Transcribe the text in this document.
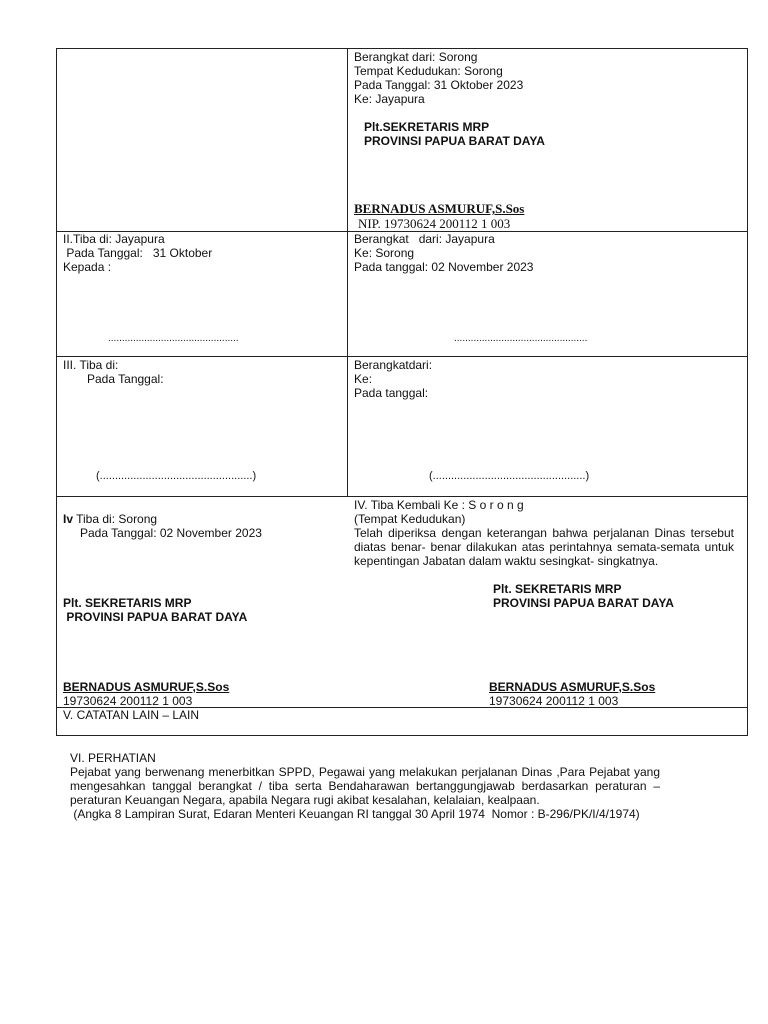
Berangkat dari: Sorong
Tempat Kedudukan: Sorong
Pada Tanggal: 31 Oktober 2023
Ke: Jayapura
Plt.SEKRETARIS MRP
PROVINSI PAPUA BARAT DAYA
BERNADUS ASMURUF,S.Sos
NIP. 19730624 200112 1 003
II.Tiba di: Jayapura
Pada Tanggal:   31 Oktober
Kepada :
...............................................
Berangkat   dari: Jayapura
Ke: Sorong
Pada tanggal: 02 November 2023
................................................
III. Tiba di:
Pada Tanggal:
(..................................................)
Berangkatdari:
Ke:
Pada tanggal:
(..................................................)
Iv Tiba di: Sorong
Pada Tanggal: 02 November 2023
IV. Tiba Kembali Ke : S o r o n g
(Tempat Kedudukan)
Telah diperiksa dengan keterangan bahwa perjalanan Dinas tersebut diatas benar- benar dilakukan atas perintahnya semata-semata untuk kepentingan Jabatan dalam waktu sesingkat- singkatnya.
Plt. SEKRETARIS MRP
PROVINSI PAPUA BARAT DAYA
Plt. SEKRETARIS MRP
PROVINSI PAPUA BARAT DAYA
BERNADUS ASMURUF,S.Sos
19730624 200112 1 003
BERNADUS ASMURUF,S.Sos
19730624 200112 1 003
V. CATATAN LAIN – LAIN
VI. PERHATIAN
Pejabat yang berwenang menerbitkan SPPD, Pegawai yang melakukan perjalanan Dinas ,Para Pejabat yang mengesahkan tanggal berangkat / tiba serta Bendaharawan bertanggungjawab berdasarkan peraturan – peraturan Keuangan Negara, apabila Negara rugi akibat kesalahan, kelalaian, kealpaan.
(Angka 8 Lampiran Surat, Edaran Menteri Keuangan RI tanggal 30 April 1974  Nomor : B-296/PK/I/4/1974)
